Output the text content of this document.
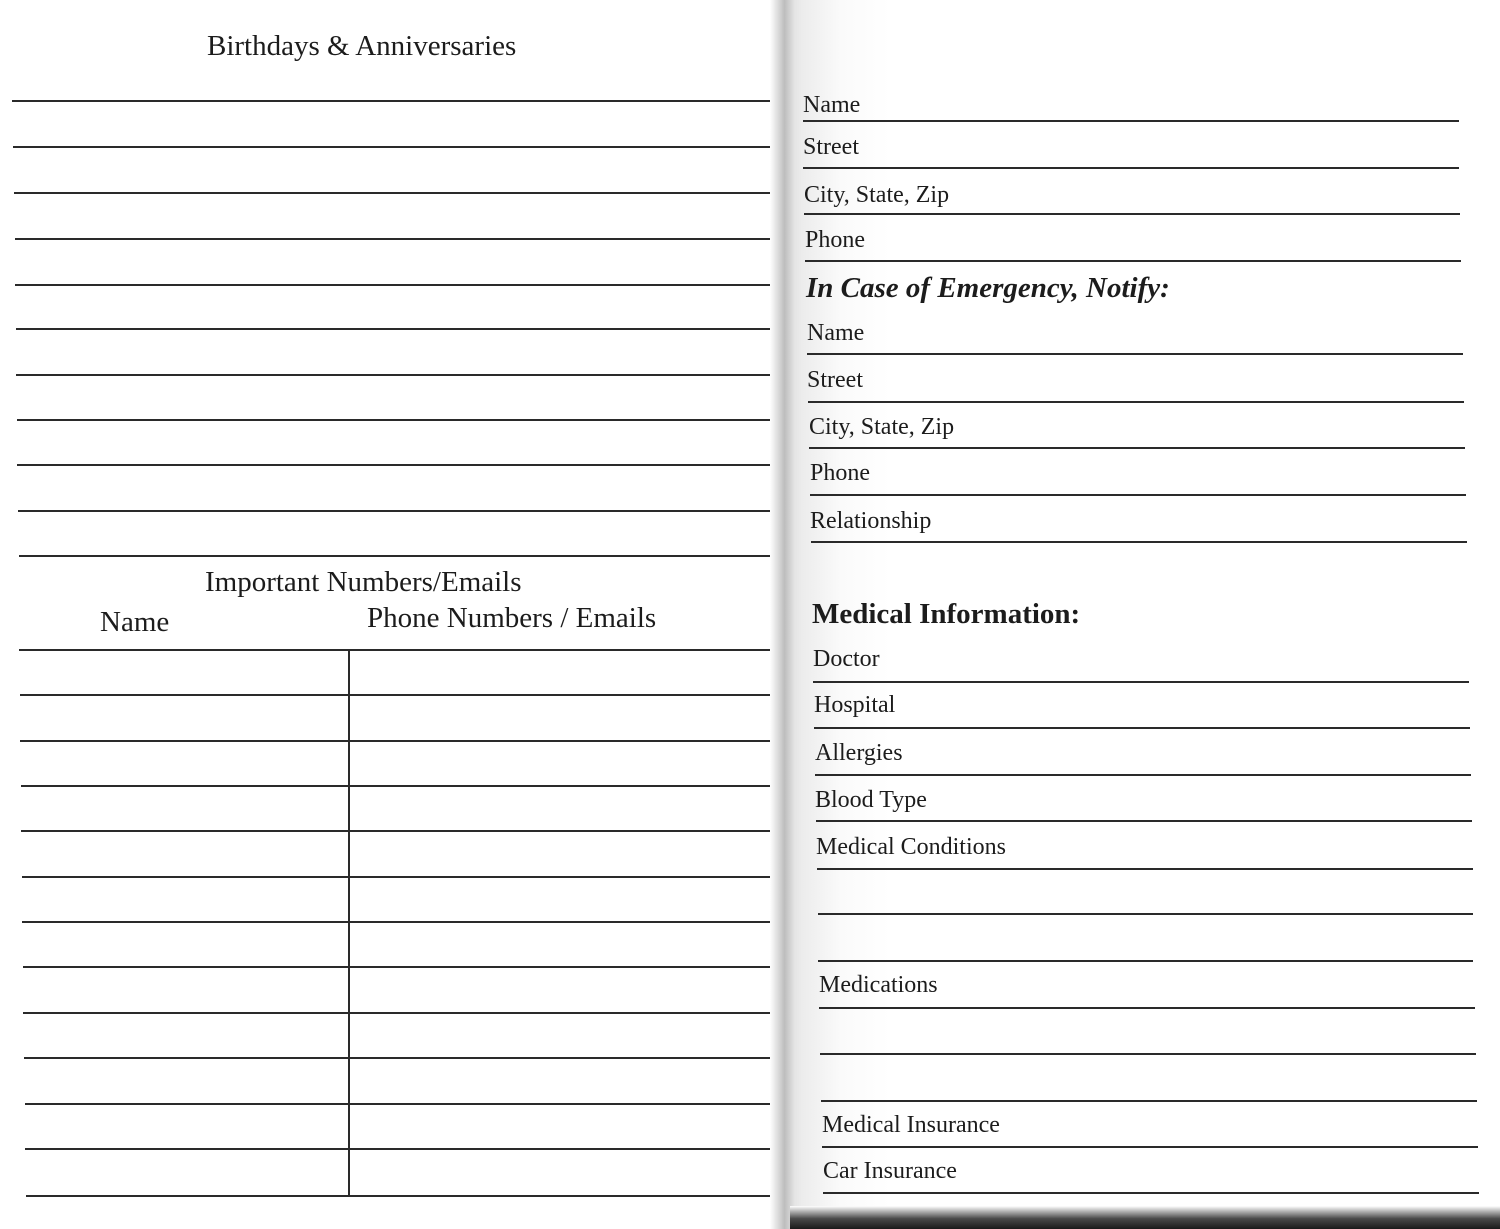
Birthdays & Anniversaries
Important Numbers/Emails
Name	Phone Numbers / Emails
Name
Street
City, State, Zip
Phone
In Case of Emergency, Notify:
Name
Street
City, State, Zip
Phone
Relationship
Medical Information:
Doctor
Hospital
Allergies
Blood Type
Medical Conditions
Medications
Medical Insurance
Car Insurance
